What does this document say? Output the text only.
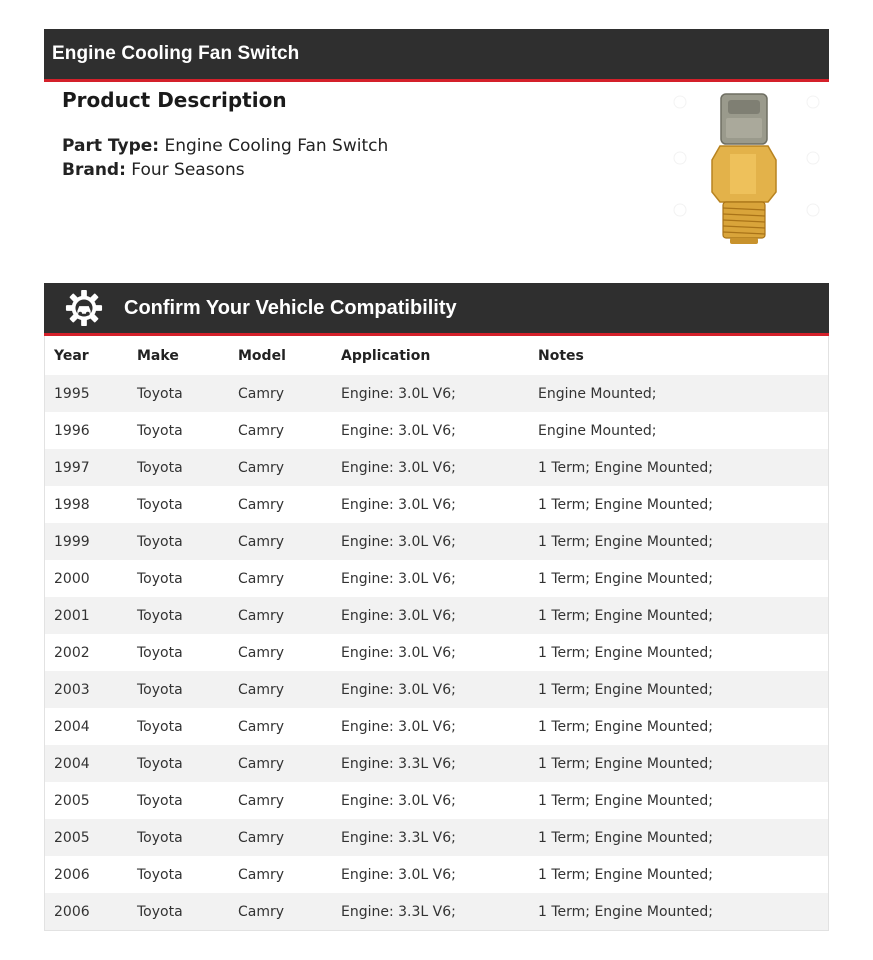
Engine Cooling Fan Switch
Product Description
Part Type: Engine Cooling Fan Switch
Brand: Four Seasons
Confirm Your Vehicle Compatibility
Year	Make	Model	Application	Notes
1995	Toyota	Camry	Engine: 3.0L V6;	Engine Mounted;
1996	Toyota	Camry	Engine: 3.0L V6;	Engine Mounted;
1997	Toyota	Camry	Engine: 3.0L V6;	1 Term; Engine Mounted;
1998	Toyota	Camry	Engine: 3.0L V6;	1 Term; Engine Mounted;
1999	Toyota	Camry	Engine: 3.0L V6;	1 Term; Engine Mounted;
2000	Toyota	Camry	Engine: 3.0L V6;	1 Term; Engine Mounted;
2001	Toyota	Camry	Engine: 3.0L V6;	1 Term; Engine Mounted;
2002	Toyota	Camry	Engine: 3.0L V6;	1 Term; Engine Mounted;
2003	Toyota	Camry	Engine: 3.0L V6;	1 Term; Engine Mounted;
2004	Toyota	Camry	Engine: 3.0L V6;	1 Term; Engine Mounted;
2004	Toyota	Camry	Engine: 3.3L V6;	1 Term; Engine Mounted;
2005	Toyota	Camry	Engine: 3.0L V6;	1 Term; Engine Mounted;
2005	Toyota	Camry	Engine: 3.3L V6;	1 Term; Engine Mounted;
2006	Toyota	Camry	Engine: 3.0L V6;	1 Term; Engine Mounted;
2006	Toyota	Camry	Engine: 3.3L V6;	1 Term; Engine Mounted;
